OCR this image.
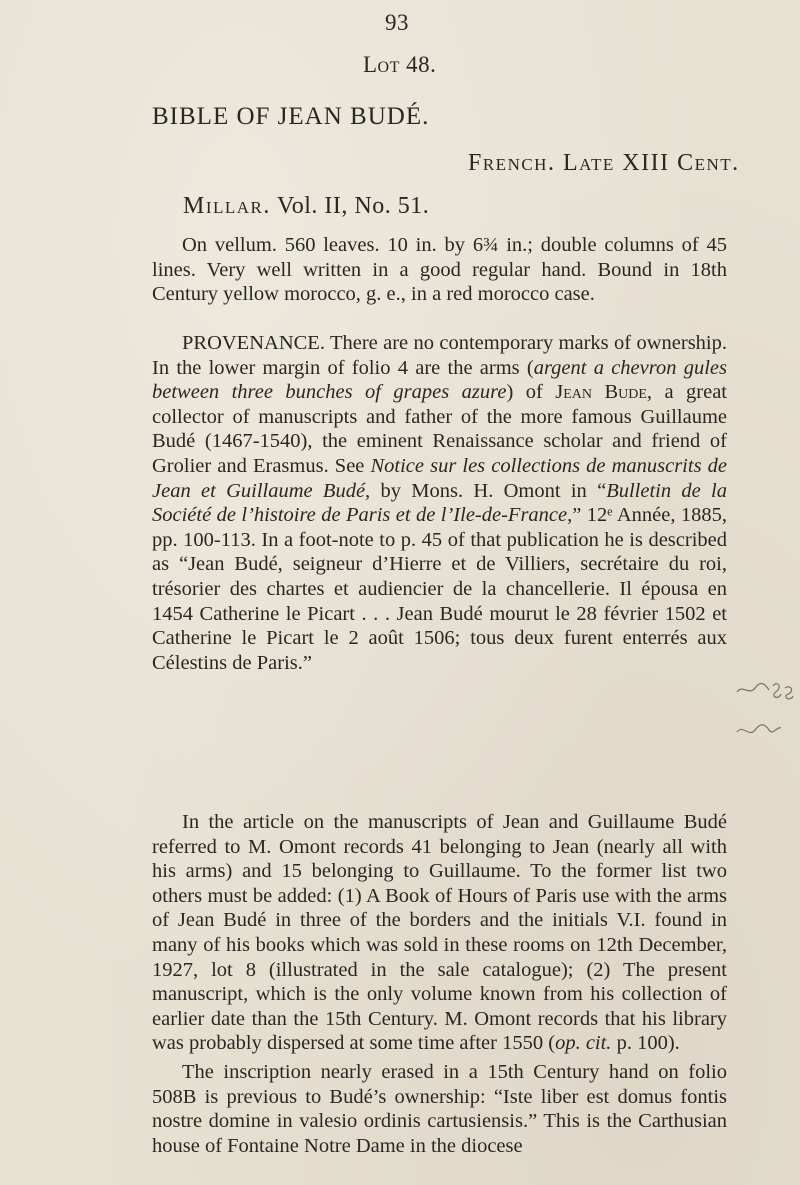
93
Lot 48.
BIBLE OF JEAN BUDÉ.
French. Late XIII Cent.
Millar. Vol. II, No. 51.

On vellum. 560 leaves. 10 in. by 6¾ in.; double columns of 45 lines. Very well written in a good regular hand. Bound in 18th Century yellow morocco, g. e., in a red morocco case.

PROVENANCE. There are no contemporary marks of ownership. In the lower margin of folio 4 are the arms (argent a chevron gules between three bunches of grapes azure) of Jean Bude, a great collector of manuscripts and father of the more famous Guillaume Budé (1467-1540), the eminent Renaissance scholar and friend of Grolier and Erasmus. See Notice sur les collections de manuscrits de Jean et Guillaume Budé, by Mons. H. Omont in “Bulletin de la Société de l’histoire de Paris et de l’Ile-de-France,” 12ᵉ Année, 1885, pp. 100-113. In a foot-note to p. 45 of that publication he is described as “Jean Budé, seigneur d’Hierre et de Villiers, secrétaire du roi, trésorier des chartes et audiencier de la chancellerie. Il épousa en 1454 Catherine le Picart . . . Jean Budé mourut le 28 février 1502 et Catherine le Picart le 2 août 1506; tous deux furent enterrés aux Célestins de Paris.”

In the article on the manuscripts of Jean and Guillaume Budé referred to M. Omont records 41 belonging to Jean (nearly all with his arms) and 15 belonging to Guillaume. To the former list two others must be added: (1) A Book of Hours of Paris use with the arms of Jean Budé in three of the borders and the initials V.I. found in many of his books which was sold in these rooms on 12th December, 1927, lot 8 (illustrated in the sale catalogue); (2) The present manuscript, which is the only volume known from his collection of earlier date than the 15th Century. M. Omont records that his library was probably dispersed at some time after 1550 (op. cit. p. 100).

The inscription nearly erased in a 15th Century hand on folio 508B is previous to Budé’s ownership: “Iste liber est domus fontis nostre domine in valesio ordinis cartusiensis.” This is the Carthusian house of Fontaine Notre Dame in the diocese
